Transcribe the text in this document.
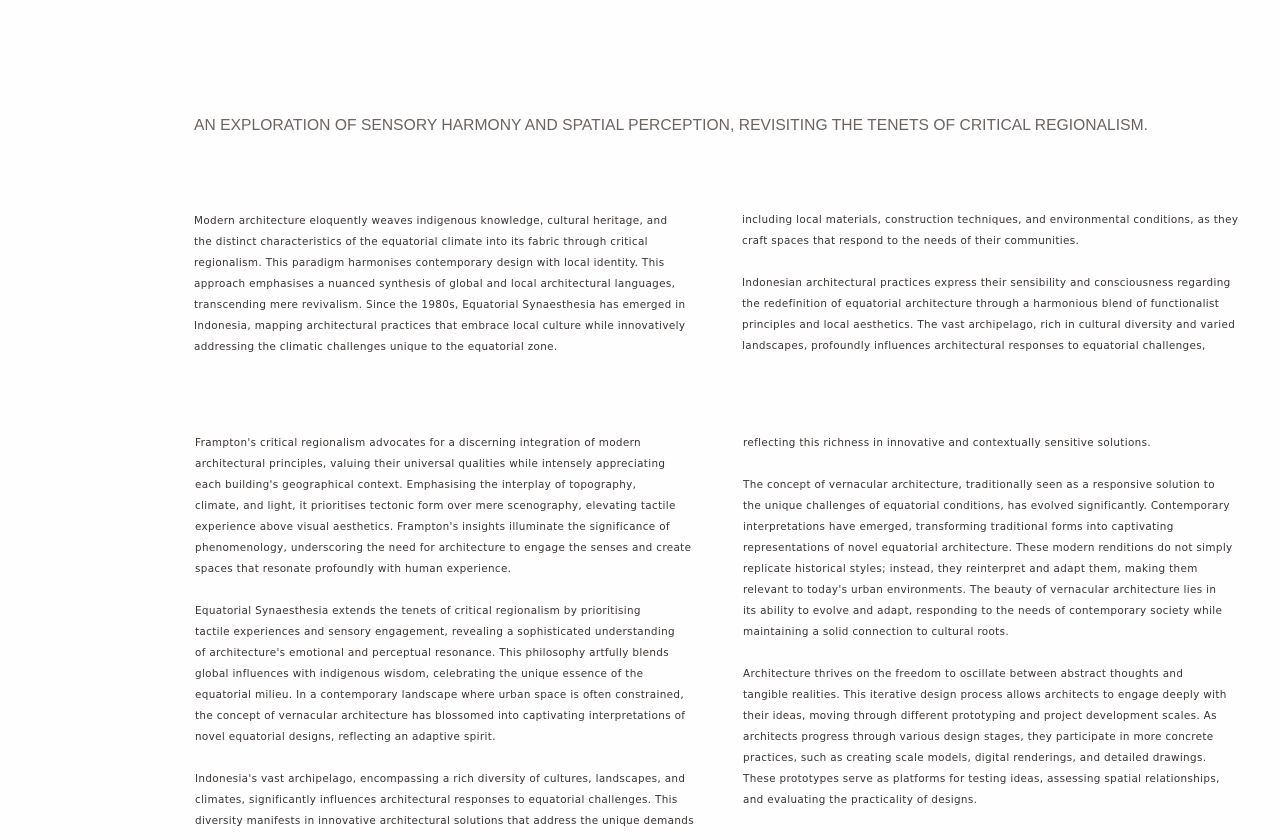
AN EXPLORATION OF SENSORY HARMONY AND SPATIAL PERCEPTION, REVISITING THE TENETS OF CRITICAL REGIONALISM.

Modern architecture eloquently weaves indigenous knowledge, cultural heritage, and

the distinct characteristics of the equatorial climate into its fabric through critical

regionalism. This paradigm harmonises contemporary design with local identity. This

approach emphasises a nuanced synthesis of global and local architectural languages,

transcending mere revivalism. Since the 1980s, Equatorial Synaesthesia has emerged in

Indonesia, mapping architectural practices that embrace local culture while innovatively

addressing the climatic challenges unique to the equatorial zone.

including local materials, construction techniques, and environmental conditions, as they

craft spaces that respond to the needs of their communities.

Indonesian architectural practices express their sensibility and consciousness regarding

the redefinition of equatorial architecture through a harmonious blend of functionalist

principles and local aesthetics. The vast archipelago, rich in cultural diversity and varied

landscapes, profoundly influences architectural responses to equatorial challenges,

Frampton's critical regionalism advocates for a discerning integration of modern

architectural principles, valuing their universal qualities while intensely appreciating

each building's geographical context. Emphasising the interplay of topography,

climate, and light, it prioritises tectonic form over mere scenography, elevating tactile

experience above visual aesthetics. Frampton's insights illuminate the significance of

phenomenology, underscoring the need for architecture to engage the senses and create

spaces that resonate profoundly with human experience.

Equatorial Synaesthesia extends the tenets of critical regionalism by prioritising

tactile experiences and sensory engagement, revealing a sophisticated understanding

of architecture's emotional and perceptual resonance. This philosophy artfully blends

global influences with indigenous wisdom, celebrating the unique essence of the

equatorial milieu. In a contemporary landscape where urban space is often constrained,

the concept of vernacular architecture has blossomed into captivating interpretations of

novel equatorial designs, reflecting an adaptive spirit.

Indonesia's vast archipelago, encompassing a rich diversity of cultures, landscapes, and

climates, significantly influences architectural responses to equatorial challenges. This

diversity manifests in innovative architectural solutions that address the unique demands

reflecting this richness in innovative and contextually sensitive solutions.

The concept of vernacular architecture, traditionally seen as a responsive solution to

the unique challenges of equatorial conditions, has evolved significantly. Contemporary

interpretations have emerged, transforming traditional forms into captivating

representations of novel equatorial architecture. These modern renditions do not simply

replicate historical styles; instead, they reinterpret and adapt them, making them

relevant to today's urban environments. The beauty of vernacular architecture lies in

its ability to evolve and adapt, responding to the needs of contemporary society while

maintaining a solid connection to cultural roots.

Architecture thrives on the freedom to oscillate between abstract thoughts and

tangible realities. This iterative design process allows architects to engage deeply with

their ideas, moving through different prototyping and project development scales. As

architects progress through various design stages, they participate in more concrete

practices, such as creating scale models, digital renderings, and detailed drawings.

These prototypes serve as platforms for testing ideas, assessing spatial relationships,

and evaluating the practicality of designs.
